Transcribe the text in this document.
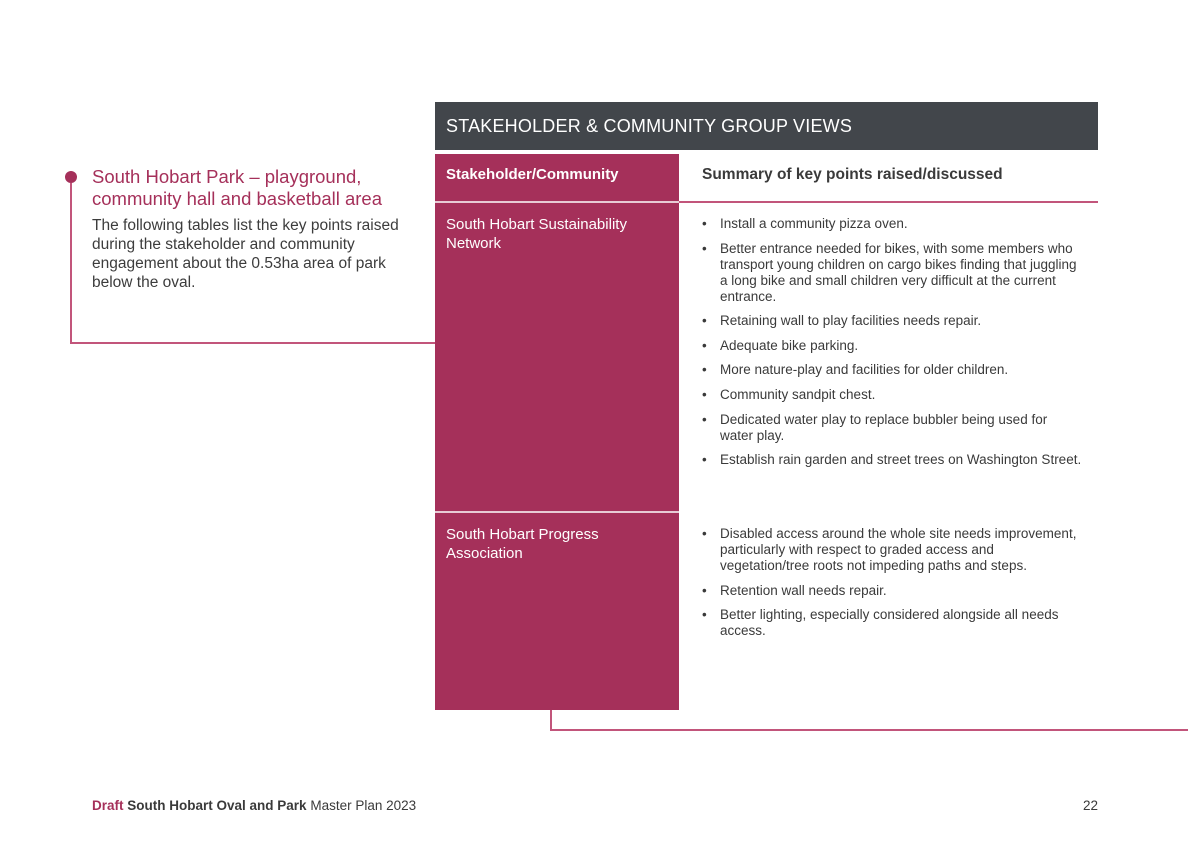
South Hobart Park – playground, community hall and basketball area
The following tables list the key points raised during the stakeholder and community engagement about the 0.53ha area of park below the oval.
STAKEHOLDER & COMMUNITY GROUP VIEWS
Stakeholder/Community	Summary of key points raised/discussed
South Hobart Sustainability Network
• Install a community pizza oven.
• Better entrance needed for bikes, with some members who transport young children on cargo bikes finding that juggling a long bike and small children very difficult at the current entrance.
• Retaining wall to play facilities needs repair.
• Adequate bike parking.
• More nature-play and facilities for older children.
• Community sandpit chest.
• Dedicated water play to replace bubbler being used for water play.
• Establish rain garden and street trees on Washington Street.
South Hobart Progress Association
• Disabled access around the whole site needs improvement, particularly with respect to graded access and vegetation/tree roots not impeding paths and steps.
• Retention wall needs repair.
• Better lighting, especially considered alongside all needs access.
Draft South Hobart Oval and Park Master Plan 2023	22
